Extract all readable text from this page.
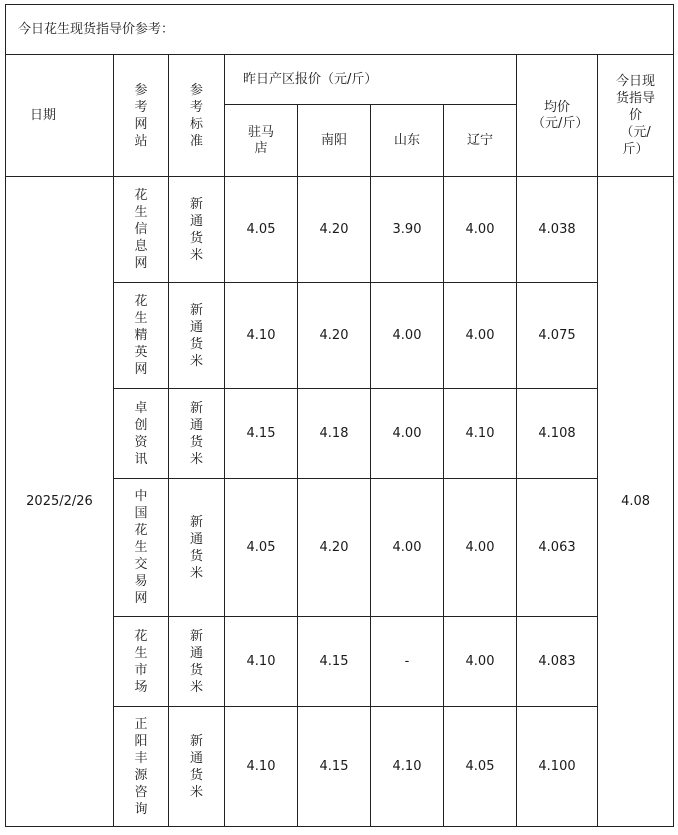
今日花生现货指导价参考：								
日期	参考网站	参考标准	昨日产区报价（元/斤）				均价（元/斤）	今日现货指导价（元/斤）

			驻马店	南阳	山东	辽宁		
2025/2/26	花生信息网	新通货米	4.05	4.20	3.90	4.00	4.038	4.08
	花生精英网	新通货米	4.10	4.20	4.00	4.00	4.075	
	卓创资讯	新通货米	4.15	4.18	4.00	4.10	4.108	
	中国花生交易网	新通货米	4.05	4.20	4.00	4.00	4.063	
	花生市场	新通货米	4.10	4.15	-	4.00	4.083	
	正阳丰源咨询	新通货米	4.10	4.15	4.10	4.05	4.100	
